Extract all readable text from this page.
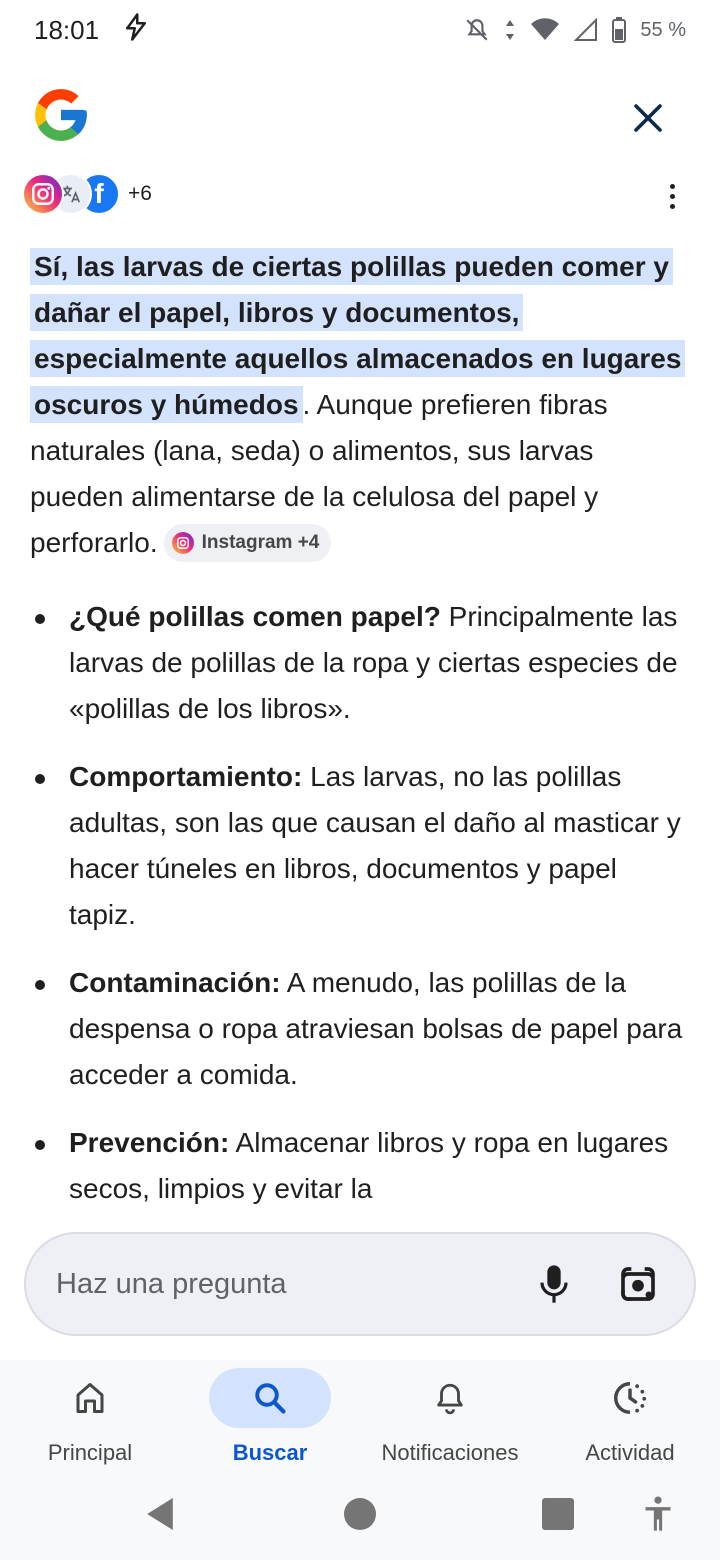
18:01	55 %
f	+6

Sí, las larvas de ciertas polillas pueden comer y dañar el papel, libros y documentos, especialmente aquellos almacenados en lugares oscuros y húmedos . Aunque prefieren fibras naturales (lana, seda) o alimentos, sus larvas pueden alimentarse de la celulosa del papel y perforarlo. Instagram +4

¿Qué polillas comen papel? Principalmente las larvas de polillas de la ropa y ciertas especies de «polillas de los libros».
Comportamiento: Las larvas, no las polillas adultas, son las que causan el daño al masticar y hacer túneles en libros, documentos y papel tapiz.
Contaminación: A menudo, las polillas de la despensa o ropa atraviesan bolsas de papel para acceder a comida.
Prevención: Almacenar libros y ropa en lugares secos, limpios y evitar la
Haz una pregunta
Principal	Buscar	Notificaciones	Actividad
